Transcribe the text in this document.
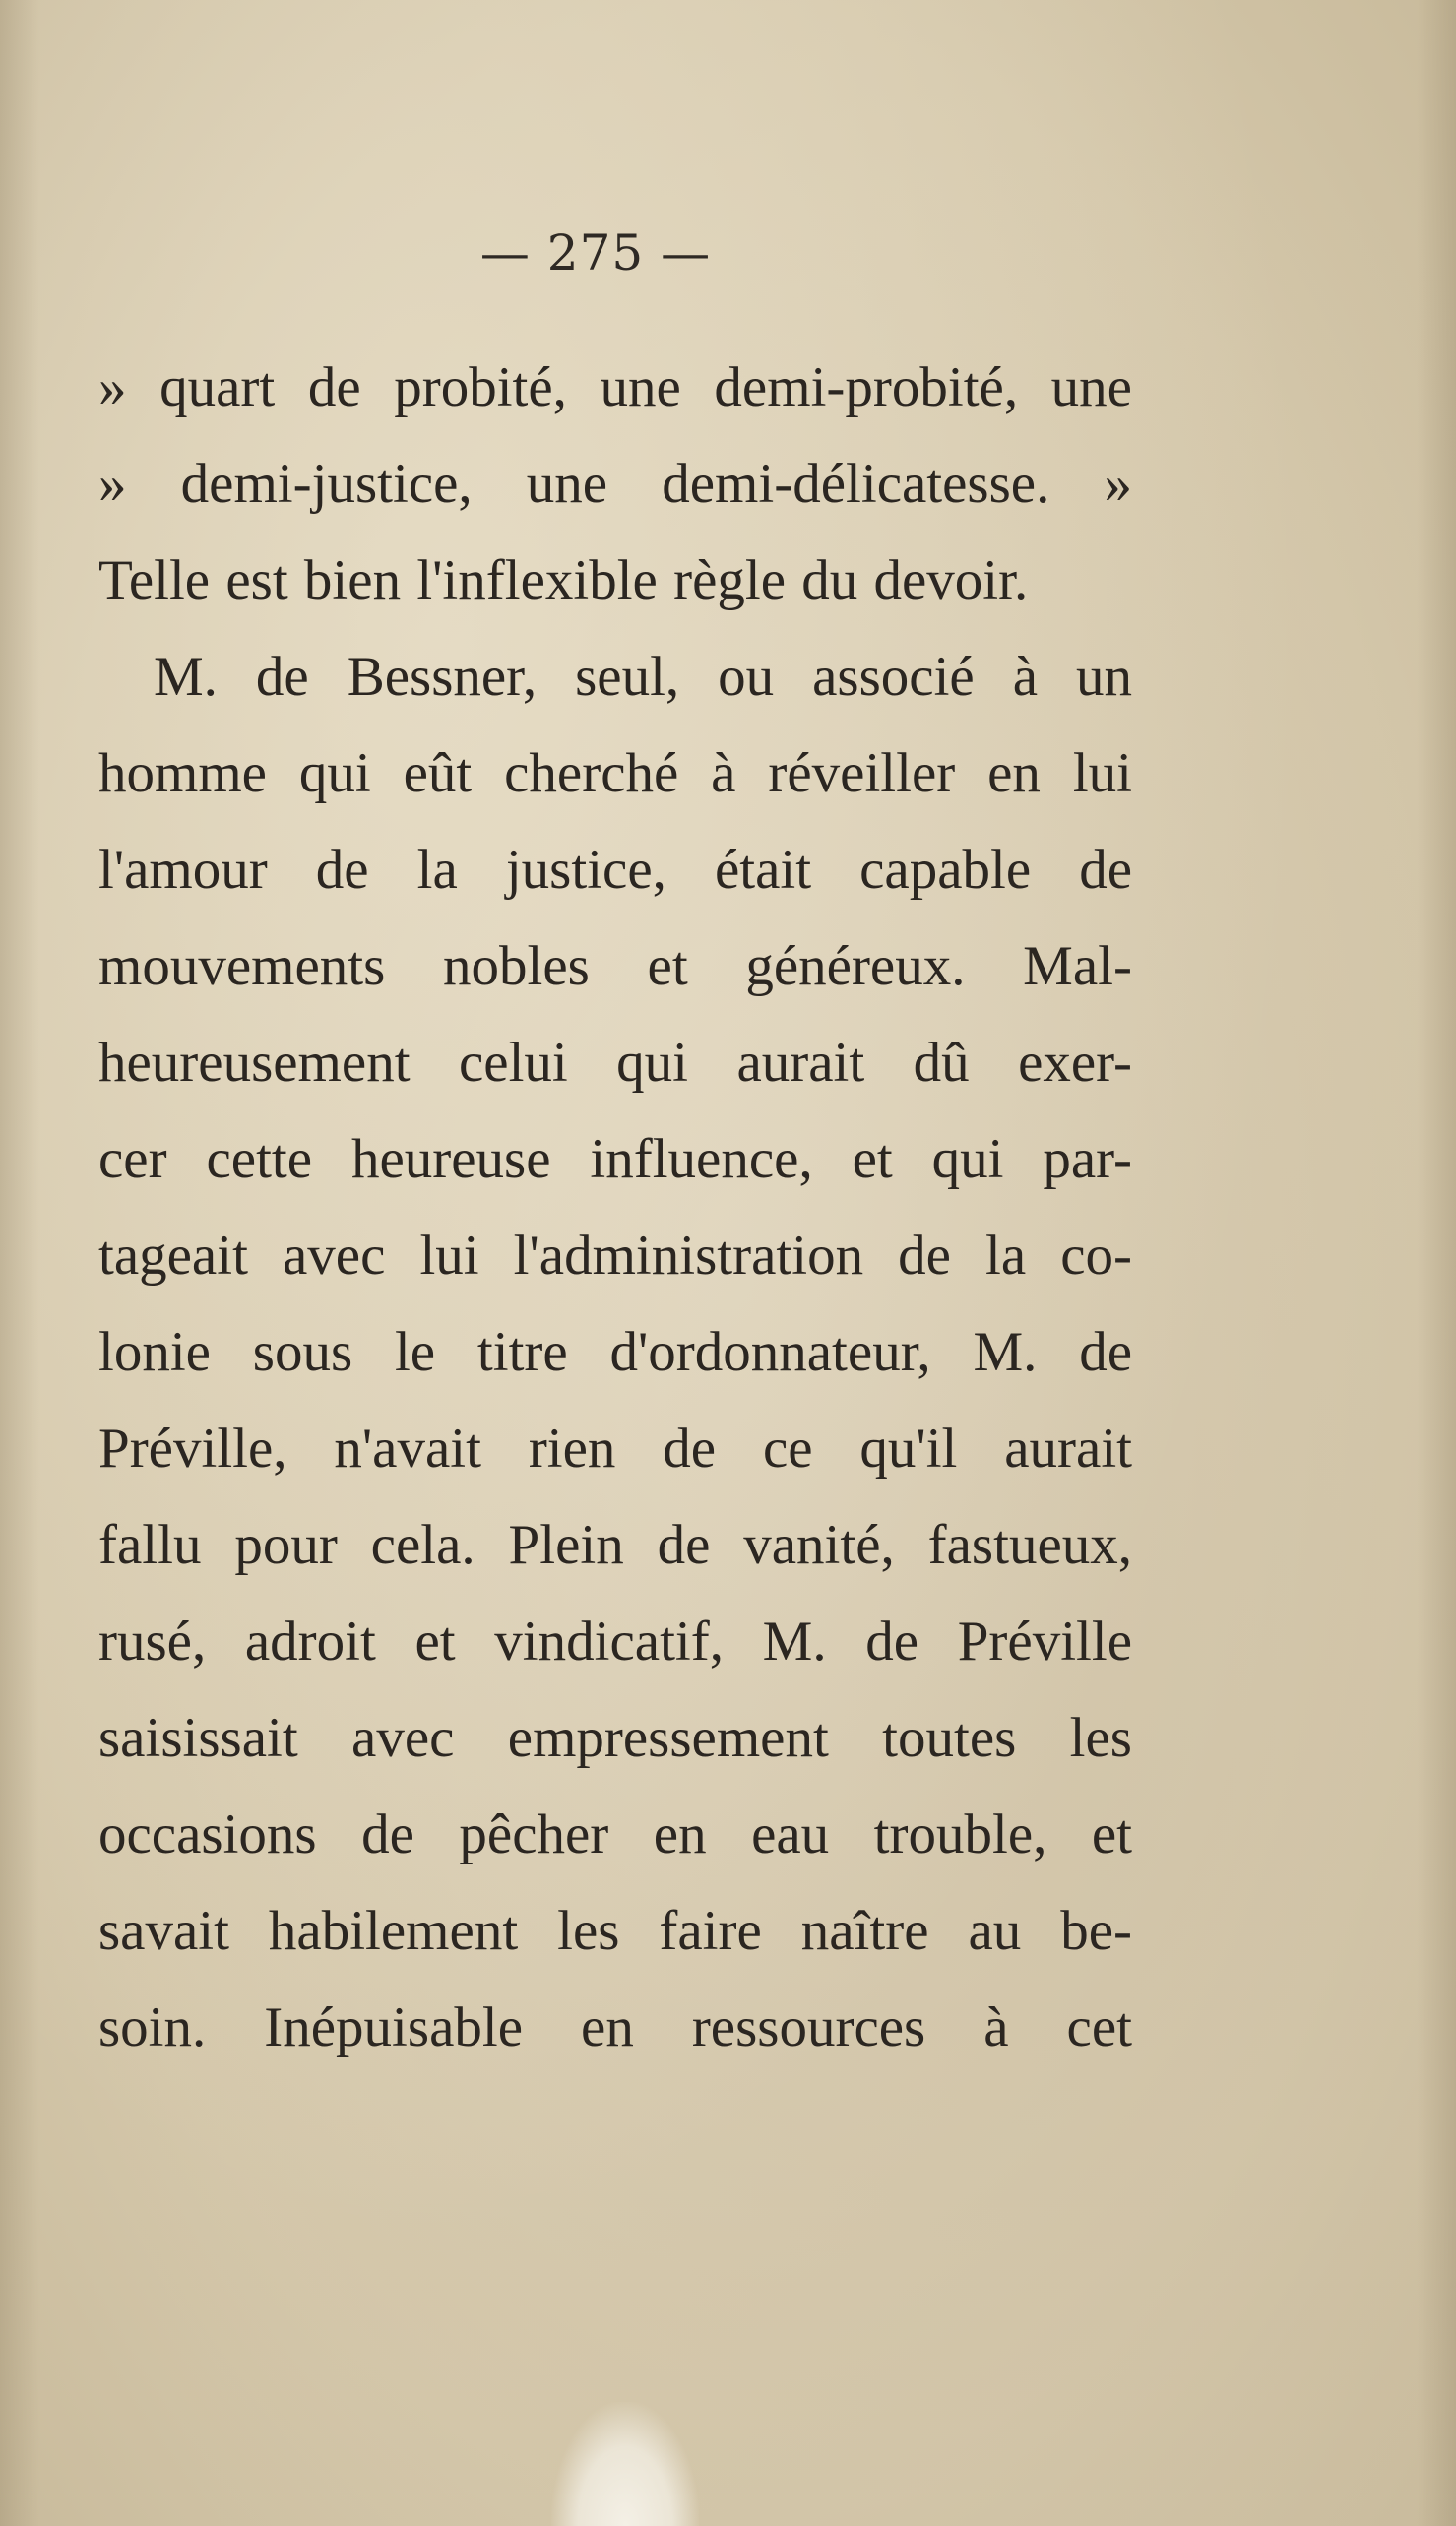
— 275 —
» quart de probité, une demi-probité, une
» demi-justice, une demi-délicatesse. »
Telle est bien l'inflexible règle du devoir.
M. de Bessner, seul, ou associé à un
homme qui eût cherché à réveiller en lui
l'amour de la justice, était capable de
mouvements nobles et généreux. Mal-
heureusement celui qui aurait dû exer-
cer cette heureuse influence, et qui par-
tageait avec lui l'administration de la co-
lonie sous le titre d'ordonnateur, M. de
Préville, n'avait rien de ce qu'il aurait
fallu pour cela. Plein de vanité, fastueux,
rusé, adroit et vindicatif, M. de Préville
saisissait avec empressement toutes les
occasions de pêcher en eau trouble, et
savait habilement les faire naître au be-
soin. Inépuisable en ressources à cet
